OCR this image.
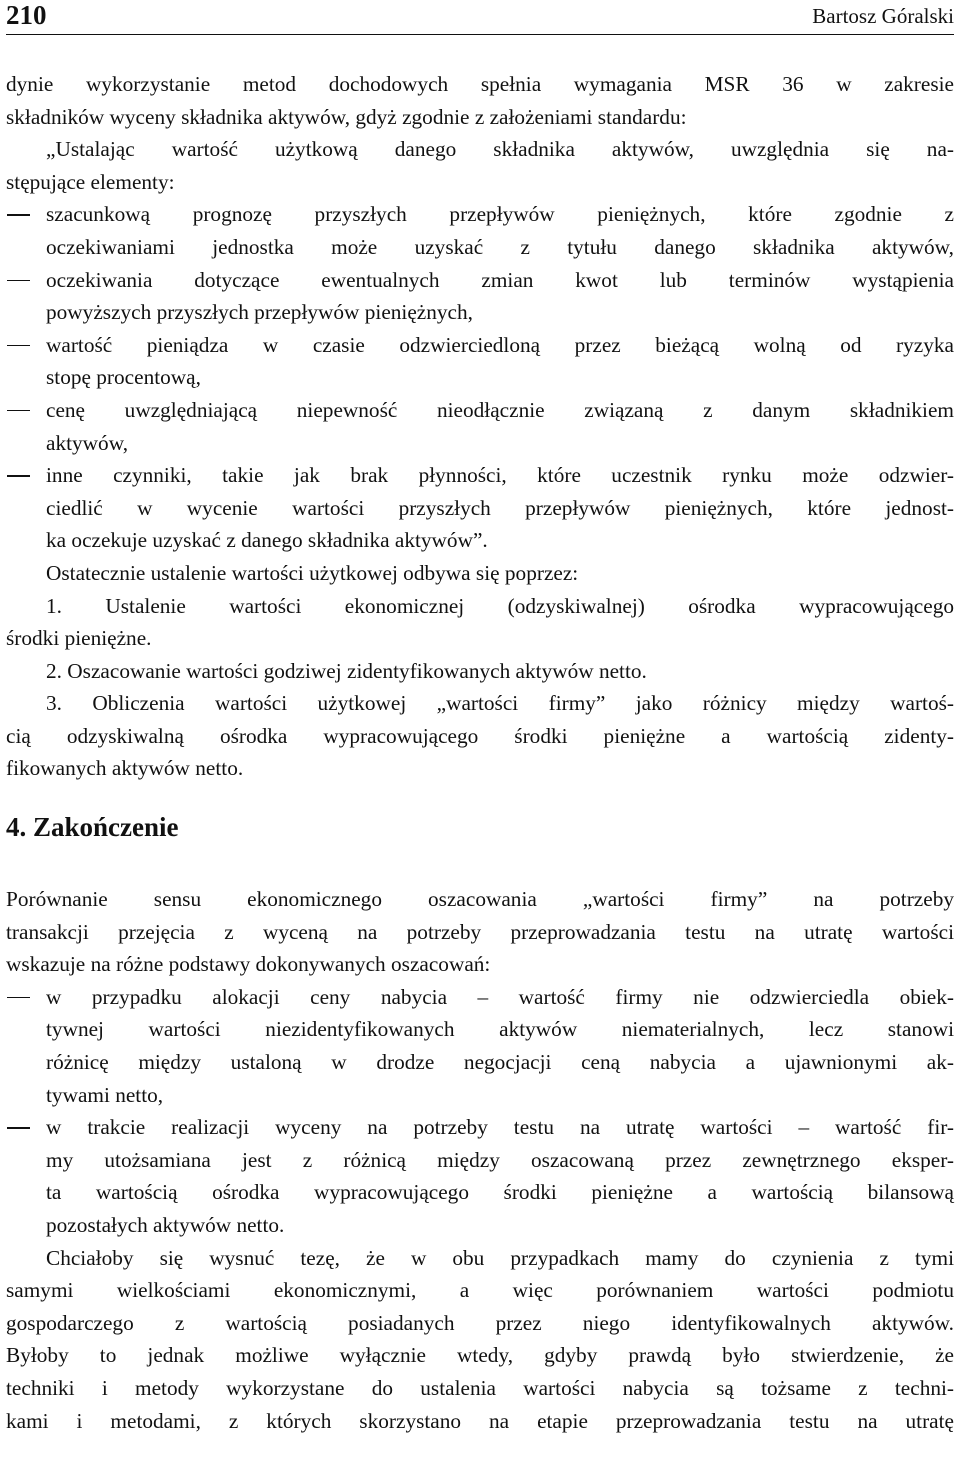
210	Bartosz Góralski
dynie wykorzystanie metod dochodowych spełnia wymagania MSR 36 w zakresie
składników wyceny składnika aktywów, gdyż zgodnie z założeniami standardu:
„Ustalając wartość użytkową danego składnika aktywów, uwzględnia się na-
stępujące elementy:
szacunkową prognozę przyszłych przepływów pieniężnych, które zgodnie z
oczekiwaniami jednostka może uzyskać z tytułu danego składnika aktywów,
oczekiwania dotyczące ewentualnych zmian kwot lub terminów wystąpienia
powyższych przyszłych przepływów pieniężnych,
wartość pieniądza w czasie odzwierciedloną przez bieżącą wolną od ryzyka
stopę procentową,
cenę uwzględniającą niepewność nieodłącznie związaną z danym składnikiem
aktywów,
inne czynniki, takie jak brak płynności, które uczestnik rynku może odzwier-
ciedlić w wycenie wartości przyszłych przepływów pieniężnych, które jednost-
ka oczekuje uzyskać z danego składnika aktywów”.
Ostatecznie ustalenie wartości użytkowej odbywa się poprzez:
1. Ustalenie wartości ekonomicznej (odzyskiwalnej) ośrodka wypracowującego
środki pieniężne.
2. Oszacowanie wartości godziwej zidentyfikowanych aktywów netto.
3. Obliczenia wartości użytkowej „wartości firmy” jako różnicy między wartoś-
cią odzyskiwalną ośrodka wypracowującego środki pieniężne a wartością zidenty-
fikowanych aktywów netto.
4. Zakończenie
Porównanie sensu ekonomicznego oszacowania „wartości firmy” na potrzeby
transakcji przejęcia z wyceną na potrzeby przeprowadzania testu na utratę wartości
wskazuje na różne podstawy dokonywanych oszacowań:
w przypadku alokacji ceny nabycia – wartość firmy nie odzwierciedla obiek-
tywnej wartości niezidentyfikowanych aktywów niematerialnych, lecz stanowi
różnicę między ustaloną w drodze negocjacji ceną nabycia a ujawnionymi ak-
tywami netto,
w trakcie realizacji wyceny na potrzeby testu na utratę wartości – wartość fir-
my utożsamiana jest z różnicą między oszacowaną przez zewnętrznego eksper-
ta wartością ośrodka wypracowującego środki pieniężne a wartością bilansową
pozostałych aktywów netto.
Chciałoby się wysnuć tezę, że w obu przypadkach mamy do czynienia z tymi
samymi wielkościami ekonomicznymi, a więc porównaniem wartości podmiotu
gospodarczego z wartością posiadanych przez niego identyfikowalnych aktywów.
Byłoby to jednak możliwe wyłącznie wtedy, gdyby prawdą było stwierdzenie, że
techniki i metody wykorzystane do ustalenia wartości nabycia są tożsame z techni-
kami i metodami, z których skorzystano na etapie przeprowadzania testu na utratę
